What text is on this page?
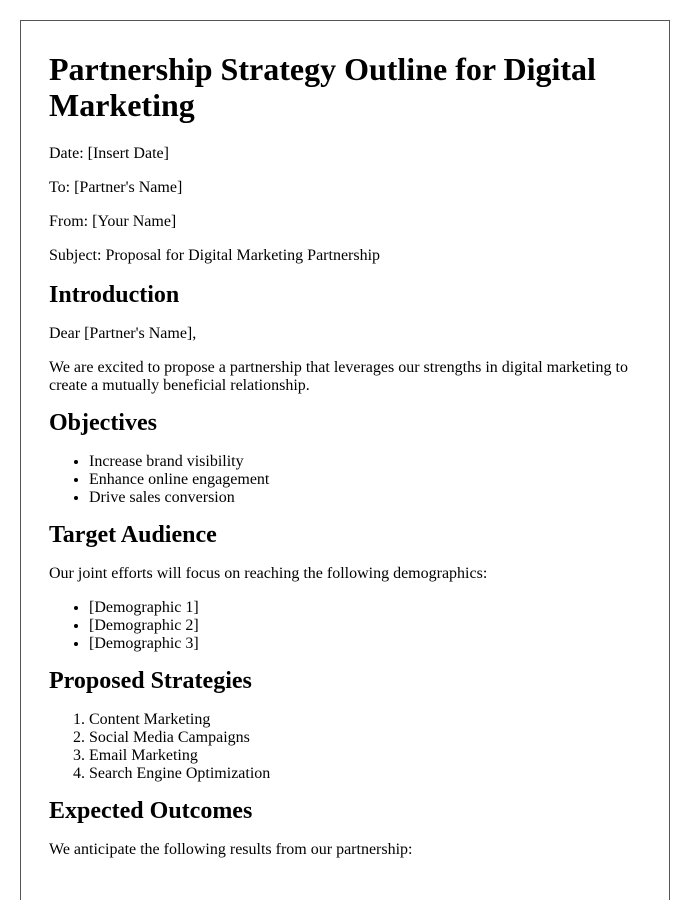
Partnership Strategy Outline for Digital Marketing

Date: [Insert Date]

To: [Partner's Name]

From: [Your Name]

Subject: Proposal for Digital Marketing Partnership

Introduction

Dear [Partner's Name],

We are excited to propose a partnership that leverages our strengths in digital marketing to create a mutually beneficial relationship.

Objectives
• Increase brand visibility
• Enhance online engagement
• Drive sales conversion
Target Audience

Our joint efforts will focus on reaching the following demographics:

• [Demographic 1]
• [Demographic 2]
• [Demographic 3]
Proposed Strategies
1. Content Marketing
2. Social Media Campaigns
3. Email Marketing
4. Search Engine Optimization
Expected Outcomes

We anticipate the following results from our partnership:
